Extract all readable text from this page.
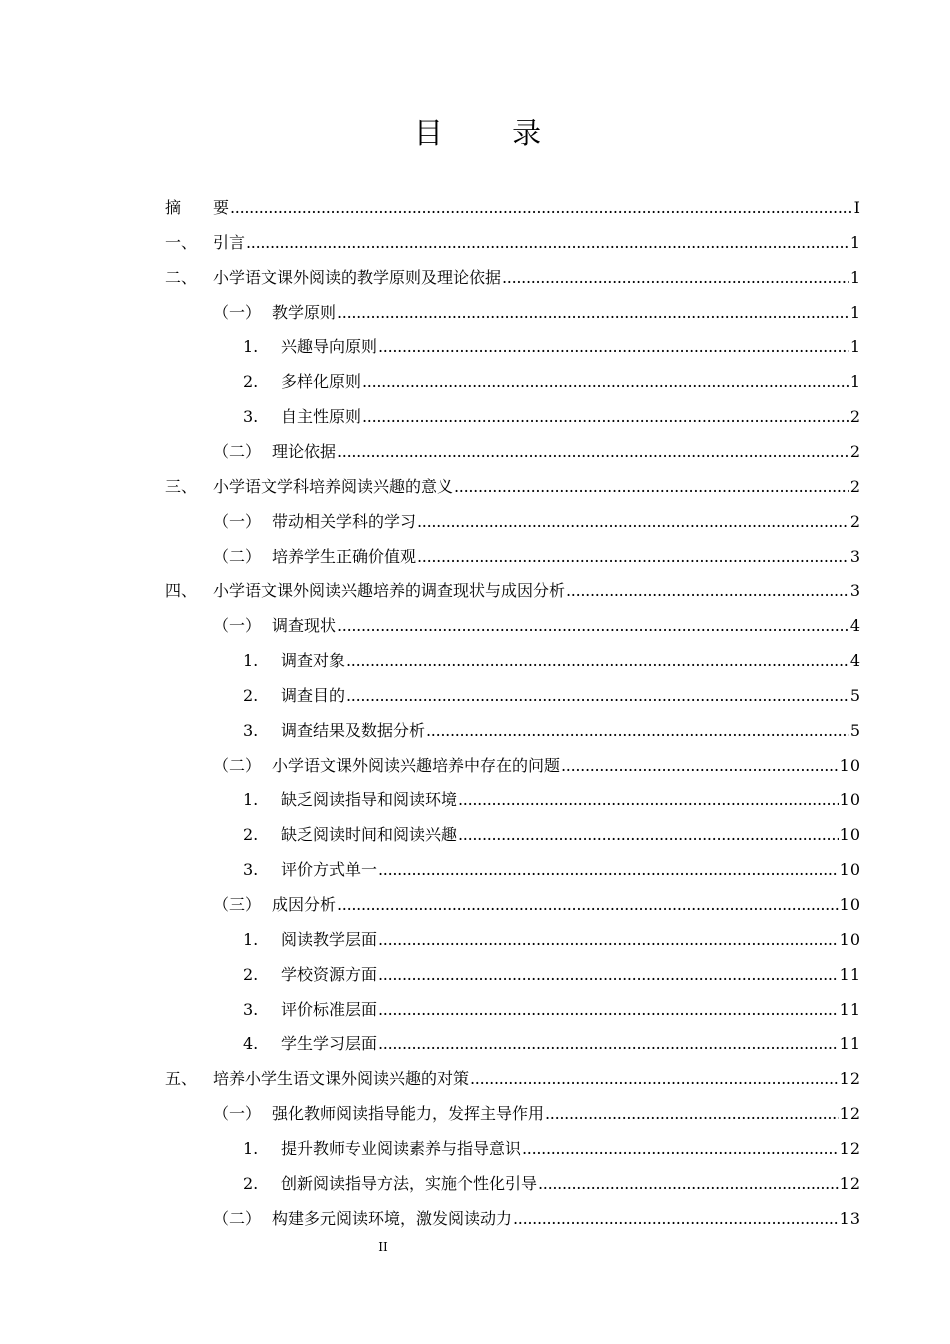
目 录
摘 要 .....	I
一、 引言 .....	1
二、 小学语文课外阅读的教学原则及理论依据 .....	1
（一） 教学原则 .....	1
1. 兴趣导向原则 .....	1
2. 多样化原则 .....	1
3. 自主性原则 .....	2
（二） 理论依据 .....	2
三、 小学语文学科培养阅读兴趣的意义 .....	2
（一） 带动相关学科的学习 .....	2
（二） 培养学生正确价值观 .....	3
四、 小学语文课外阅读兴趣培养的调查现状与成因分析 .....	3
（一） 调查现状 .....	4
1. 调查对象 .....	4
2. 调查目的 .....	5
3. 调查结果及数据分析 .....	5
（二） 小学语文课外阅读兴趣培养中存在的问题 .....	10
1. 缺乏阅读指导和阅读环境 .....	10
2. 缺乏阅读时间和阅读兴趣 .....	10
3. 评价方式单一 .....	10
（三） 成因分析 .....	10
1. 阅读教学层面 .....	10
2. 学校资源方面 .....	11
3. 评价标准层面 .....	11
4. 学生学习层面 .....	11
五、 培养小学生语文课外阅读兴趣的对策 .....	12
（一） 强化教师阅读指导能力，发挥主导作用 .....	12
1. 提升教师专业阅读素养与指导意识 .....	12
2. 创新阅读指导方法，实施个性化引导 .....	12
（二） 构建多元阅读环境，激发阅读动力 .....	13
II
